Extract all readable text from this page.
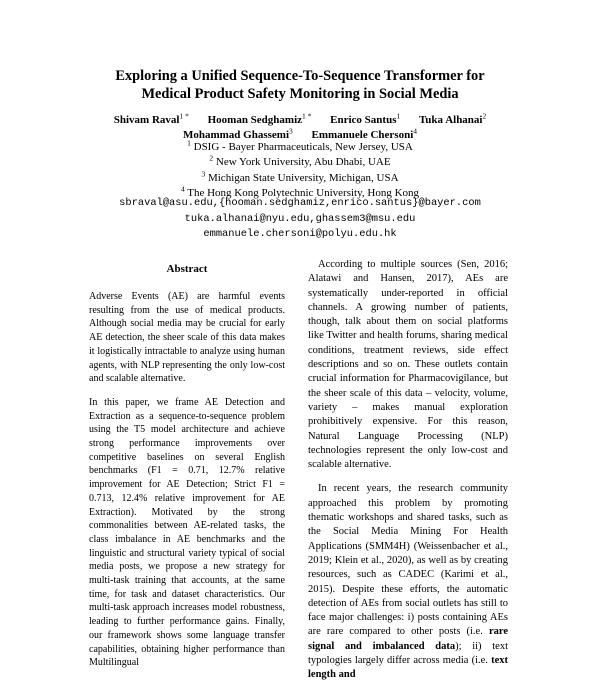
Exploring a Unified Sequence-To-Sequence Transformer for
Medical Product Safety Monitoring in Social Media
Shivam Raval$^{1 *}$ Hooman Sedghamiz$^{1 *}$ Enrico Santus$^1$ Tuka Alhanai$^2$
Mohammad Ghassemi$^3$ Emmanuele Chersoni$^4$
$^1$ DSIG - Bayer Pharmaceuticals, New Jersey, USA
$^2$ New York University, Abu Dhabi, UAE
$^3$ Michigan State University, Michigan, USA
$^4$ The Hong Kong Polytechnic University, Hong Kong
sbraval@asu.edu,{hooman.sedghamiz,enrico.santus}@bayer.com
tuka.alhanai@nyu.edu,ghassem3@msu.edu
emmanuele.chersoni@polyu.edu.hk
Abstract

Adverse Events (AE) are harmful events resulting from the use of medical products. Although social media may be crucial for early AE detection, the sheer scale of this data makes it logistically intractable to analyze using human agents, with NLP representing the only low-cost and scalable alternative.

In this paper, we frame AE Detection and Extraction as a sequence-to-sequence problem using the T5 model architecture and achieve strong performance improvements over competitive baselines on several English benchmarks (F1 = 0.71, 12.7% relative improvement for AE Detection; Strict F1 = 0.713, 12.4% relative improvement for AE Extraction). Motivated by the strong commonalities between AE-related tasks, the class imbalance in AE benchmarks and the linguistic and structural variety typical of social media posts, we propose a new strategy for multi-task training that accounts, at the same time, for task and dataset characteristics. Our multi-task approach increases model robustness, leading to further performance gains. Finally, our framework shows some language transfer capabilities, obtaining higher performance than Multilingual

According to multiple sources (Sen, 2016; Alatawi and Hansen, 2017), AEs are systematically under-reported in official channels. A growing number of patients, though, talk about them on social platforms like Twitter and health forums, sharing medical conditions, treatment reviews, side effect descriptions and so on. These outlets contain crucial information for Pharmacovigilance, but the sheer scale of this data – velocity, volume, variety – makes manual exploration prohibitively expensive. For this reason, Natural Language Processing (NLP) technologies represent the only low-cost and scalable alternative.

In recent years, the research community approached this problem by promoting thematic workshops and shared tasks, such as the Social Media Mining For Health Applications (SMM4H) (Weissenbacher et al., 2019; Klein et al., 2020), as well as by creating resources, such as CADEC (Karimi et al., 2015). Despite these efforts, the automatic detection of AEs from social outlets has still to face major challenges: i) posts containing AEs are rare compared to other posts (i.e. rare signal and imbalanced data); ii) text typologies largely differ across media (i.e. text length and
